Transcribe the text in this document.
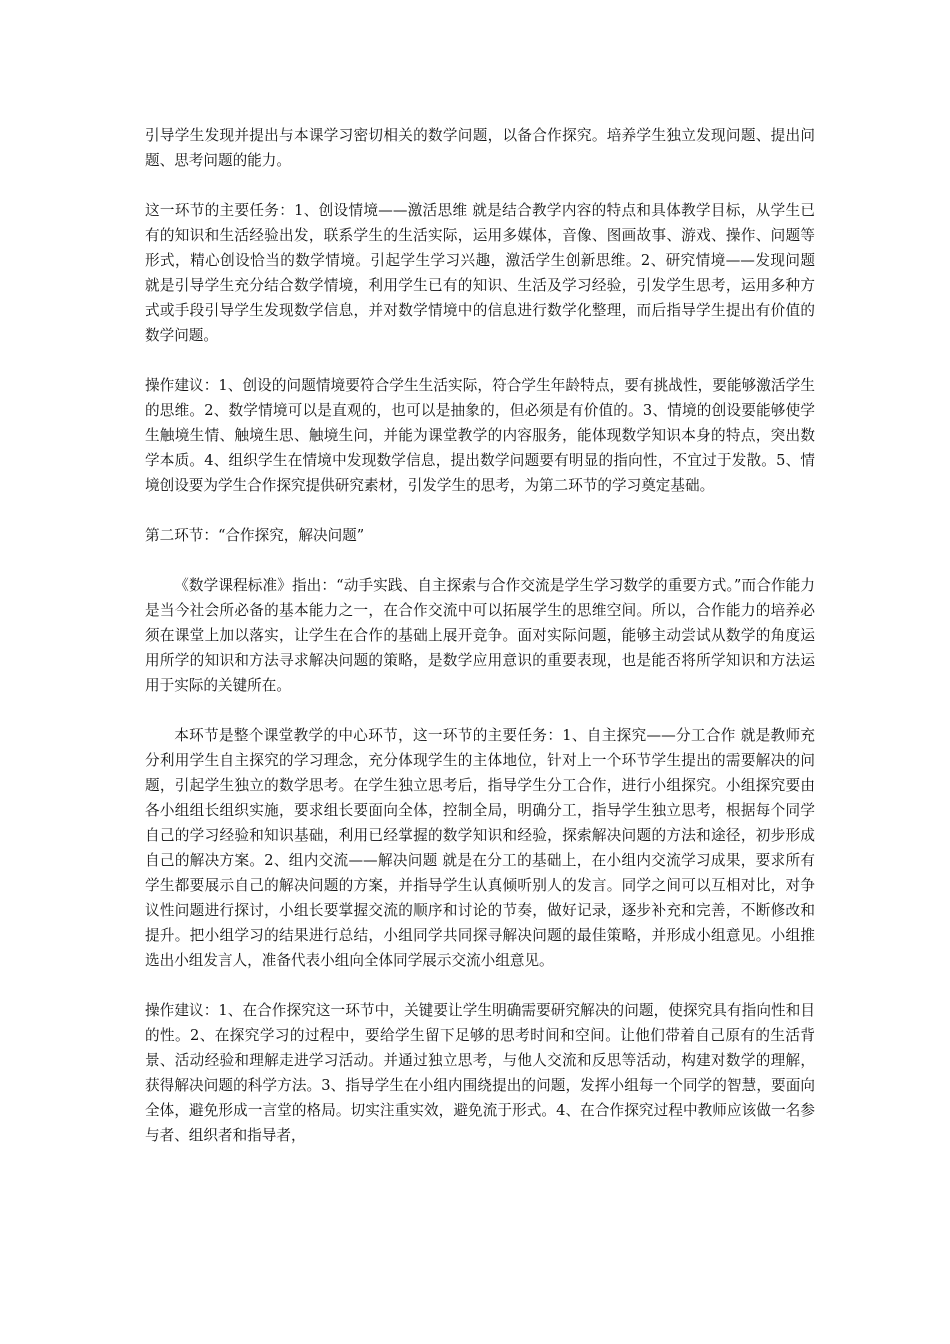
引导学生发现并提出与本课学习密切相关的数学问题，以备合作探究。培养学生独立发现问题、提出问题、思考问题的能力。

这一环节的主要任务：1、创设情境——激活思维 就是结合教学内容的特点和具体教学目标，从学生已有的知识和生活经验出发，联系学生的生活实际，运用多媒体，音像、图画故事、游戏、操作、问题等形式，精心创设恰当的数学情境。引起学生学习兴趣，激活学生创新思维。2、研究情境——发现问题 就是引导学生充分结合数学情境，利用学生已有的知识、生活及学习经验，引发学生思考，运用多种方式或手段引导学生发现数学信息，并对数学情境中的信息进行数学化整理，而后指导学生提出有价值的数学问题。

操作建议：1、创设的问题情境要符合学生生活实际，符合学生年龄特点，要有挑战性，要能够激活学生的思维。2、数学情境可以是直观的，也可以是抽象的，但必须是有价值的。3、情境的创设要能够使学生触境生情、触境生思、触境生问，并能为课堂教学的内容服务，能体现数学知识本身的特点，突出数学本质。4、组织学生在情境中发现数学信息，提出数学问题要有明显的指向性，不宜过于发散。5、情境创设要为学生合作探究提供研究素材，引发学生的思考，为第二环节的学习奠定基础。

第二环节：“合作探究，解决问题”

《数学课程标准》指出：“动手实践、自主探索与合作交流是学生学习数学的重要方式。”而合作能力是当今社会所必备的基本能力之一，在合作交流中可以拓展学生的思维空间。所以，合作能力的培养必须在课堂上加以落实，让学生在合作的基础上展开竞争。面对实际问题，能够主动尝试从数学的角度运用所学的知识和方法寻求解决问题的策略，是数学应用意识的重要表现，也是能否将所学知识和方法运用于实际的关键所在。

本环节是整个课堂教学的中心环节，这一环节的主要任务：1、自主探究——分工合作 就是教师充分利用学生自主探究的学习理念，充分体现学生的主体地位，针对上一个环节学生提出的需要解决的问题，引起学生独立的数学思考。在学生独立思考后，指导学生分工合作，进行小组探究。小组探究要由各小组组长组织实施，要求组长要面向全体，控制全局，明确分工，指导学生独立思考，根据每个同学自己的学习经验和知识基础，利用已经掌握的数学知识和经验，探索解决问题的方法和途径，初步形成自己的解决方案。2、组内交流——解决问题 就是在分工的基础上，在小组内交流学习成果，要求所有学生都要展示自己的解决问题的方案，并指导学生认真倾听别人的发言。同学之间可以互相对比，对争议性问题进行探讨，小组长要掌握交流的顺序和讨论的节奏，做好记录，逐步补充和完善，不断修改和提升。把小组学习的结果进行总结，小组同学共同探寻解决问题的最佳策略，并形成小组意见。小组推选出小组发言人，准备代表小组向全体同学展示交流小组意见。

操作建议：1、在合作探究这一环节中，关键要让学生明确需要研究解决的问题，使探究具有指向性和目的性。2、在探究学习的过程中，要给学生留下足够的思考时间和空间。让他们带着自己原有的生活背景、活动经验和理解走进学习活动。并通过独立思考，与他人交流和反思等活动，构建对数学的理解，获得解决问题的科学方法。3、指导学生在小组内围绕提出的问题，发挥小组每一个同学的智慧，要面向全体，避免形成一言堂的格局。切实注重实效，避免流于形式。4、在合作探究过程中教师应该做一名参与者、组织者和指导者，
